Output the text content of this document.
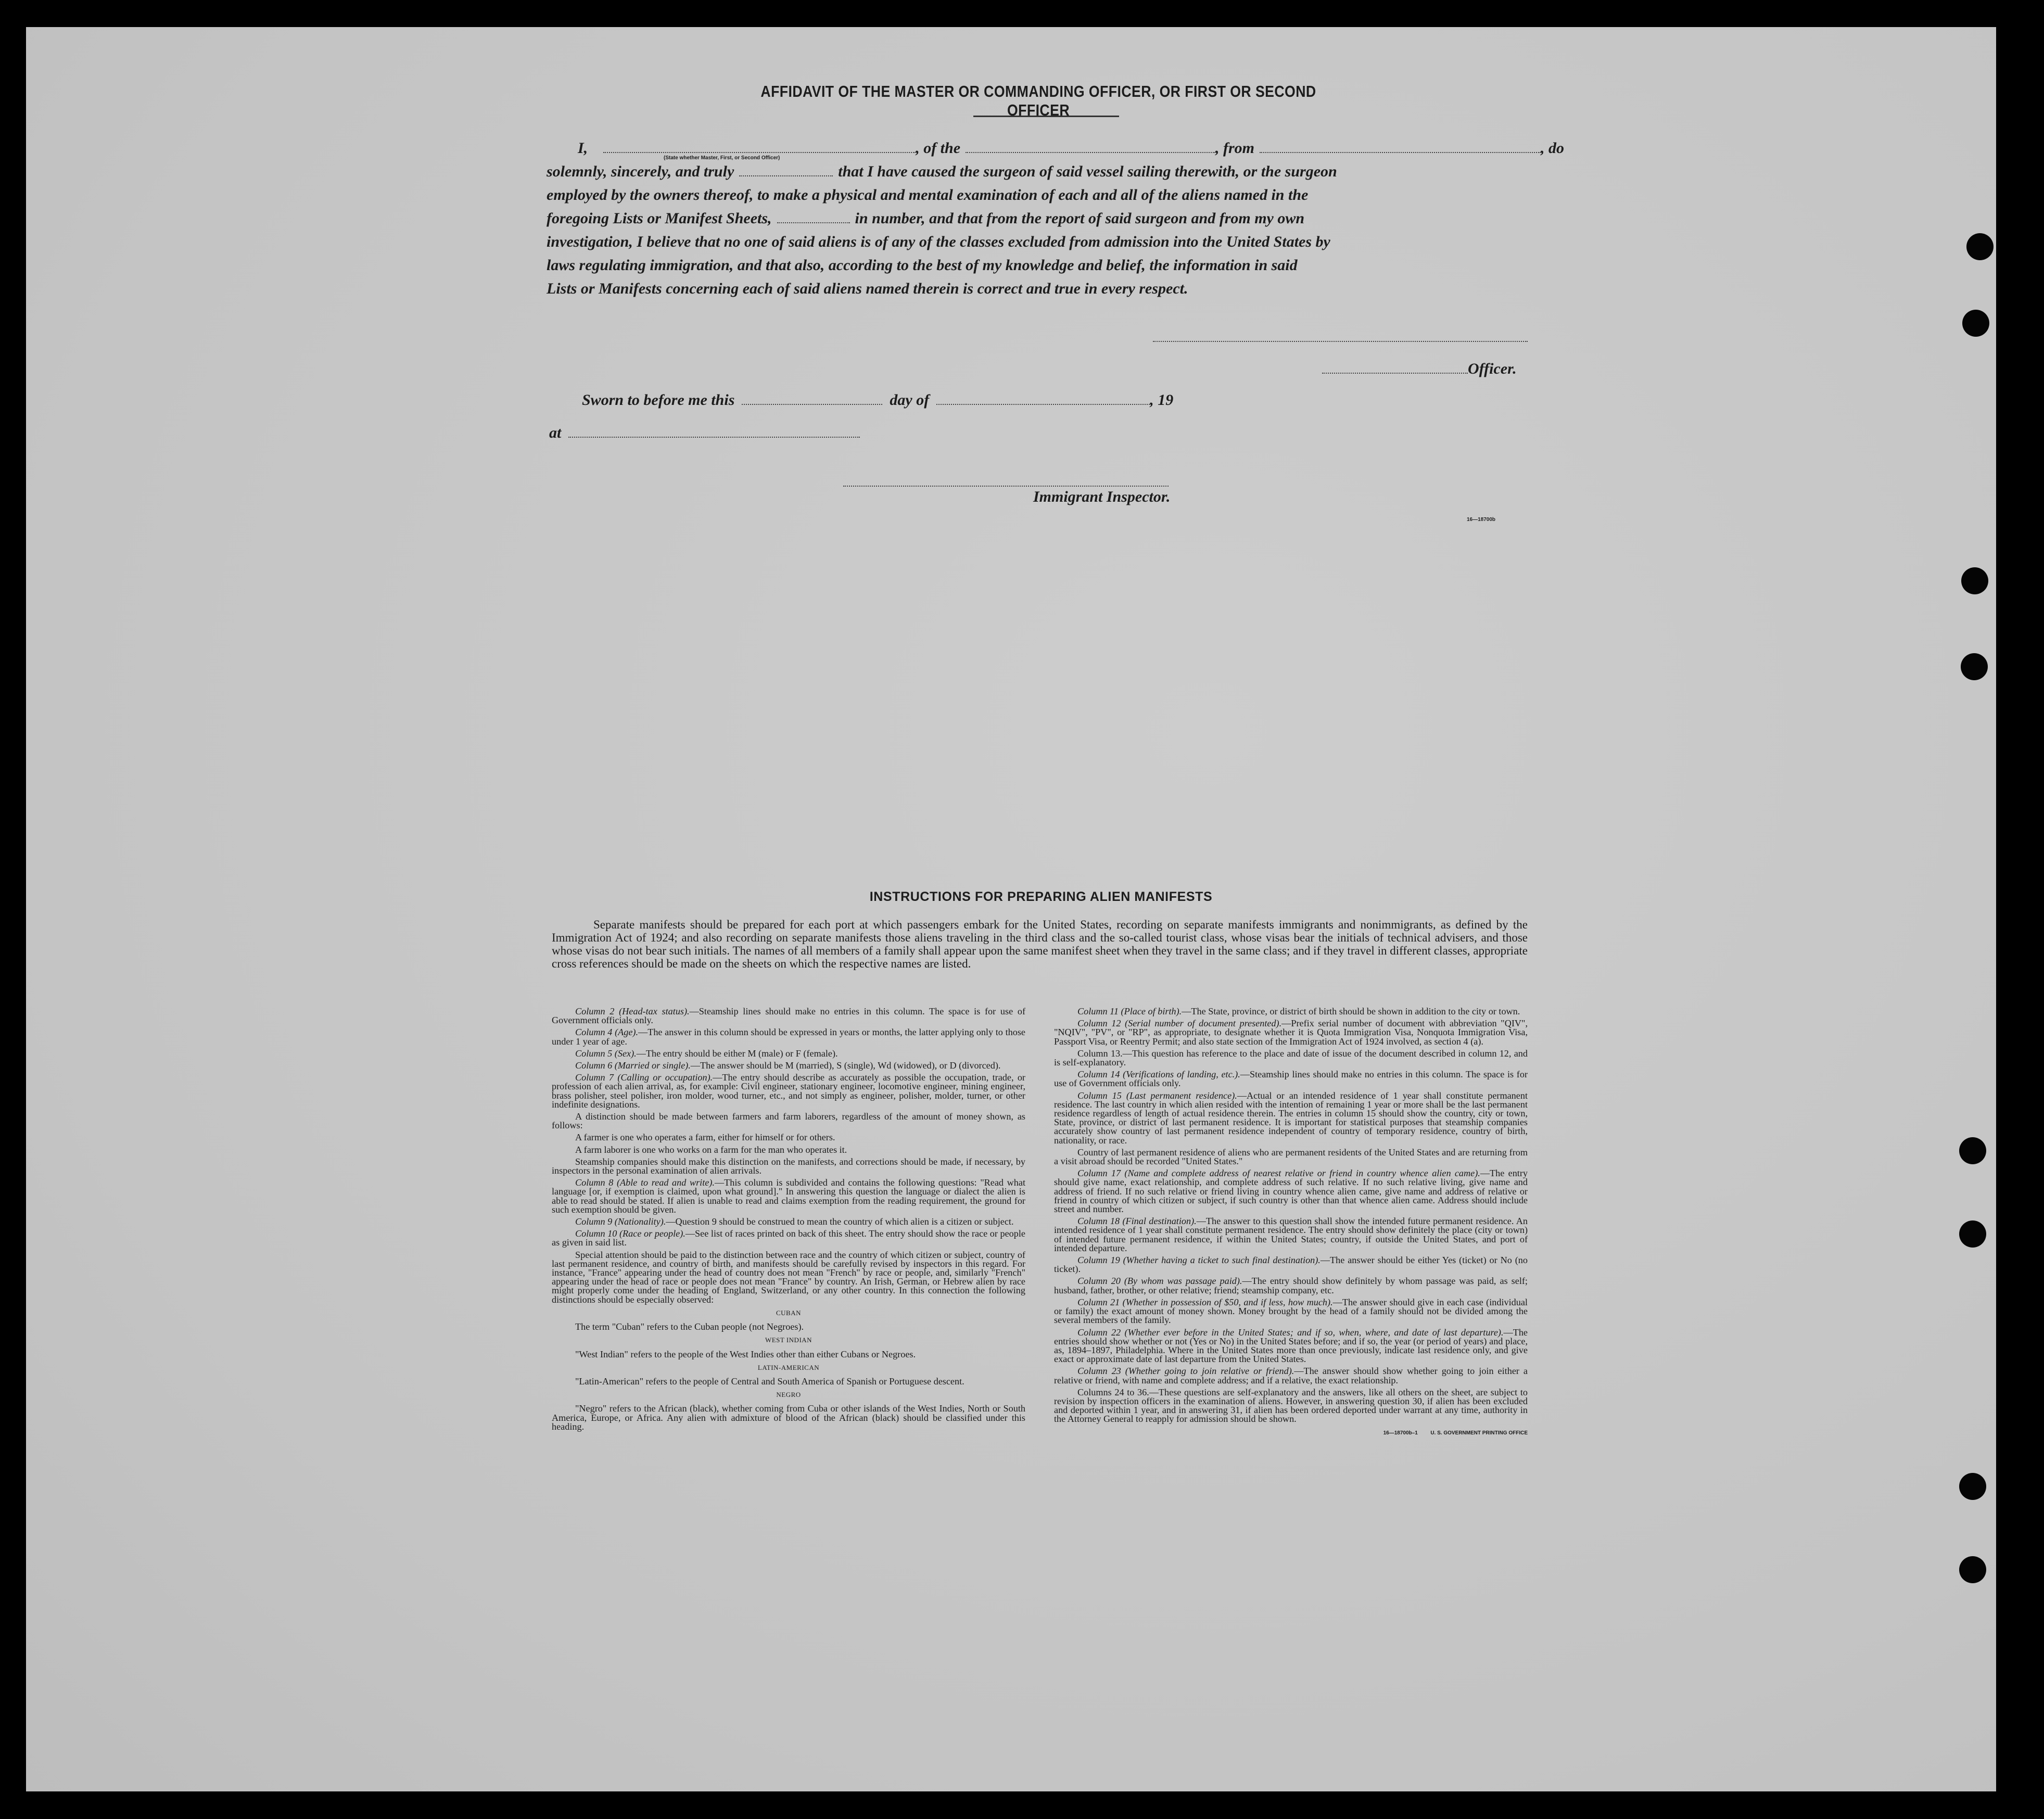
AFFIDAVIT OF THE MASTER OR COMMANDING OFFICER, OR FIRST OR SECOND OFFICER
I,	, of the	, from	, do
(State whether Master, First, or Second Officer)
solemnly, sincerely, and truly	that I have caused the surgeon of said vessel sailing therewith, or the surgeon
employed by the owners thereof, to make a physical and mental examination of each and all of the aliens named in the
foregoing Lists or Manifest Sheets,	in number, and that from the report of said surgeon and from my own
investigation, I believe that no one of said aliens is of any of the classes excluded from admission into the United States by
laws regulating immigration, and that also, according to the best of my knowledge and belief, the information in said
Lists or Manifests concerning each of said aliens named therein is correct and true in every respect.
Officer.
Sworn to before me this	day of	, 19
at
Immigrant Inspector.
16—18700b
INSTRUCTIONS FOR PREPARING ALIEN MANIFESTS
Separate manifests should be prepared for each port at which passengers embark for the United States, recording on separate manifests immigrants and nonimmigrants, as defined by the Immigration Act of 1924; and also recording on separate manifests those aliens traveling in the third class and the so-called tourist class, whose visas bear the initials of technical advisers, and those whose visas do not bear such initials. The names of all members of a family shall appear upon the same manifest sheet when they travel in the same class; and if they travel in different classes, appropriate cross references should be made on the sheets on which the respective names are listed.

Column 2 (Head-tax status).—Steamship lines should make no entries in this column. The space is for use of Government officials only.

Column 4 (Age).—The answer in this column should be expressed in years or months, the latter applying only to those under 1 year of age.

Column 5 (Sex).—The entry should be either M (male) or F (female).

Column 6 (Married or single).—The answer should be M (married), S (single), Wd (widowed), or D (divorced).

Column 7 (Calling or occupation).—The entry should describe as accurately as possible the occupation, trade, or profession of each alien arrival, as, for example: Civil engineer, stationary engineer, locomotive engineer, mining engineer, brass polisher, steel polisher, iron molder, wood turner, etc., and not simply as engineer, polisher, molder, turner, or other indefinite designations.

A distinction should be made between farmers and farm laborers, regardless of the amount of money shown, as follows:

A farmer is one who operates a farm, either for himself or for others.

A farm laborer is one who works on a farm for the man who operates it.

Steamship companies should make this distinction on the manifests, and corrections should be made, if necessary, by inspectors in the personal examination of alien arrivals.

Column 8 (Able to read and write).—This column is subdivided and contains the following questions: "Read what language [or, if exemption is claimed, upon what ground]." In answering this question the language or dialect the alien is able to read should be stated. If alien is unable to read and claims exemption from the reading requirement, the ground for such exemption should be given.

Column 9 (Nationality).—Question 9 should be construed to mean the country of which alien is a citizen or subject.

Column 10 (Race or people).—See list of races printed on back of this sheet. The entry should show the race or people as given in said list.

Special attention should be paid to the distinction between race and the country of which citizen or subject, country of last permanent residence, and country of birth, and manifests should be carefully revised by inspectors in this regard. For instance, "France" appearing under the head of country does not mean "French" by race or people, and, similarly "French" appearing under the head of race or people does not mean "France" by country. An Irish, German, or Hebrew alien by race might properly come under the heading of England, Switzerland, or any other country. In this connection the following distinctions should be especially observed:

CUBAN

The term "Cuban" refers to the Cuban people (not Negroes).

WEST INDIAN

"West Indian" refers to the people of the West Indies other than either Cubans or Negroes.

LATIN-AMERICAN

"Latin-American" refers to the people of Central and South America of Spanish or Portuguese descent.

NEGRO

"Negro" refers to the African (black), whether coming from Cuba or other islands of the West Indies, North or South America, Europe, or Africa. Any alien with admixture of blood of the African (black) should be classified under this heading.

Column 11 (Place of birth).—The State, province, or district of birth should be shown in addition to the city or town.

Column 12 (Serial number of document presented).—Prefix serial number of document with abbreviation "QIV", "NQIV", "PV", or "RP", as appropriate, to designate whether it is Quota Immigration Visa, Nonquota Immigration Visa, Passport Visa, or Reentry Permit; and also state section of the Immigration Act of 1924 involved, as section 4 (a).

Column 13.—This question has reference to the place and date of issue of the document described in column 12, and is self-explanatory.

Column 14 (Verifications of landing, etc.).—Steamship lines should make no entries in this column. The space is for use of Government officials only.

Column 15 (Last permanent residence).—Actual or an intended residence of 1 year shall constitute permanent residence. The last country in which alien resided with the intention of remaining 1 year or more shall be the last permanent residence regardless of length of actual residence therein. The entries in column 15 should show the country, city or town, State, province, or district of last permanent residence. It is important for statistical purposes that steamship companies accurately show country of last permanent residence independent of country of temporary residence, country of birth, nationality, or race.

Country of last permanent residence of aliens who are permanent residents of the United States and are returning from a visit abroad should be recorded "United States."

Column 17 (Name and complete address of nearest relative or friend in country whence alien came).—The entry should give name, exact relationship, and complete address of such relative. If no such relative living, give name and address of friend. If no such relative or friend living in country whence alien came, give name and address of relative or friend in country of which citizen or subject, if such country is other than that whence alien came. Address should include street and number.

Column 18 (Final destination).—The answer to this question shall show the intended future permanent residence. An intended residence of 1 year shall constitute permanent residence. The entry should show definitely the place (city or town) of intended future permanent residence, if within the United States; country, if outside the United States, and port of intended departure.

Column 19 (Whether having a ticket to such final destination).—The answer should be either Yes (ticket) or No (no ticket).

Column 20 (By whom was passage paid).—The entry should show definitely by whom passage was paid, as self; husband, father, brother, or other relative; friend; steamship company, etc.

Column 21 (Whether in possession of $50, and if less, how much).—The answer should give in each case (individual or family) the exact amount of money shown. Money brought by the head of a family should not be divided among the several members of the family.

Column 22 (Whether ever before in the United States; and if so, when, where, and date of last departure).—The entries should show whether or not (Yes or No) in the United States before; and if so, the year (or period of years) and place, as, 1894–1897, Philadelphia. Where in the United States more than once previously, indicate last residence only, and give exact or approximate date of last departure from the United States.

Column 23 (Whether going to join relative or friend).—The answer should show whether going to join either a relative or friend, with name and complete address; and if a relative, the exact relationship.

Columns 24 to 36.—These questions are self-explanatory and the answers, like all others on the sheet, are subject to revision by inspection officers in the examination of aliens. However, in answering question 30, if alien has been excluded and deported within 1 year, and in answering 31, if alien has been ordered deported under warrant at any time, authority in the Attorney General to reapply for admission should be shown.

16—18700b–1 U. S. GOVERNMENT PRINTING OFFICE
